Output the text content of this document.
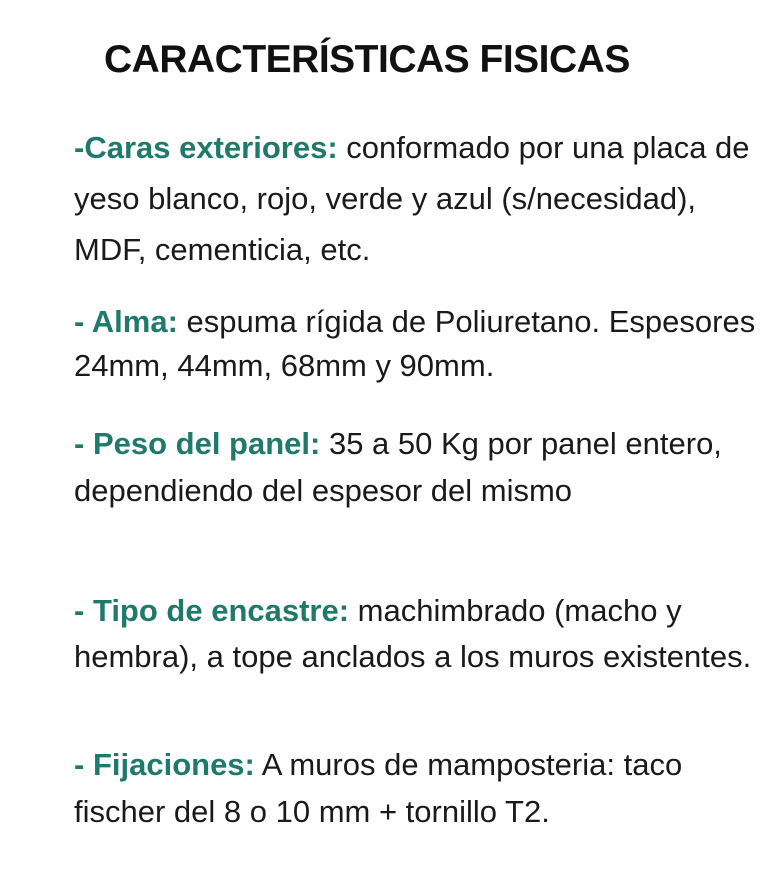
CARACTERÍSTICAS FISICAS

-Caras exteriores: conformado por una placa de yeso blanco, rojo, verde y azul (s/necesidad), MDF, cementicia, etc.

- Alma: espuma rígida de Poliuretano. Espesores 24mm, 44mm, 68mm y 90mm.

- Peso del panel: 35 a 50 Kg por panel entero, dependiendo del espesor del mismo

- Tipo de encastre: machimbrado (macho y hembra), a tope anclados a los muros existentes.

- Fijaciones: A muros de mamposteria: taco fischer del 8 o 10 mm + tornillo T2.
